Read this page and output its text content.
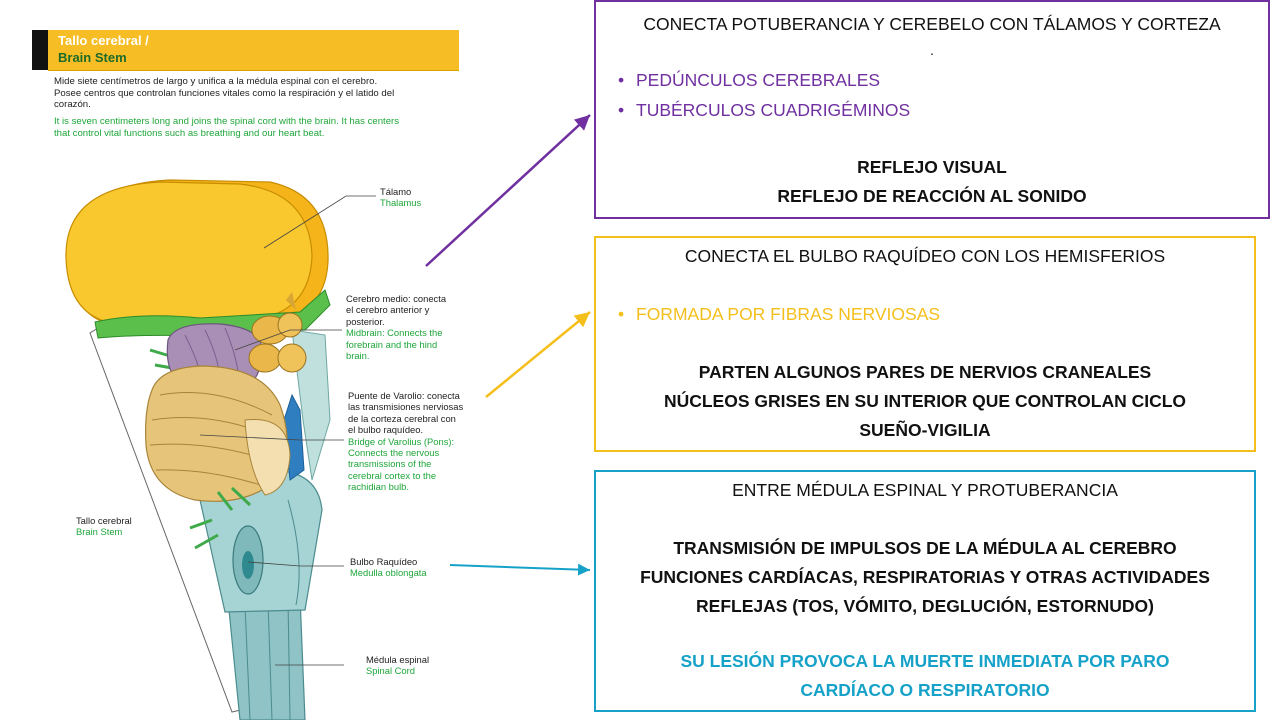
Tallo cerebral /
Brain Stem
Mide siete centímetros de largo y unifica a la médula espinal con el cerebro.
Posee centros que controlan funciones vitales como la respiración y el latido del
corazón.
It is seven centimeters long and joins the spinal cord with the brain. It has centers
that control vital functions such as breathing and our heart beat.
Tálamo
Thalamus
Cerebro medio: conecta
el cerebro anterior y
posterior.
Midbrain: Connects the
forebrain and the hind
brain.
Puente de Varolio: conecta
las transmisiones nerviosas
de la corteza cerebral con
el bulbo raquídeo.
Bridge of Varolius (Pons):
Connects the nervous
transmissions of the
cerebral cortex to the
rachidian bulb.
Tallo cerebral
Brain Stem
Bulbo Raquídeo
Medulla oblongata
Médula espinal
Spinal Cord
CONECTA POTUBERANCIA Y CEREBELO CON TÁLAMOS Y CORTEZA
.
• PEDÚNCULOS CEREBRALES
• TUBÉRCULOS CUADRIGÉMINOS
REFLEJO VISUAL
REFLEJO DE REACCIÓN AL SONIDO
CONECTA EL BULBO RAQUÍDEO CON LOS HEMISFERIOS
• FORMADA POR FIBRAS NERVIOSAS
PARTEN ALGUNOS PARES DE NERVIOS CRANEALES
NÚCLEOS GRISES EN SU INTERIOR QUE CONTROLAN CICLO
SUEÑO-VIGILIA
ENTRE MÉDULA ESPINAL Y PROTUBERANCIA
TRANSMISIÓN DE IMPULSOS DE LA MÉDULA AL CEREBRO
FUNCIONES CARDÍACAS, RESPIRATORIAS Y OTRAS ACTIVIDADES
REFLEJAS (TOS, VÓMITO, DEGLUCIÓN, ESTORNUDO)
SU LESIÓN PROVOCA LA MUERTE INMEDIATA POR PARO
CARDÍACO O RESPIRATORIO
